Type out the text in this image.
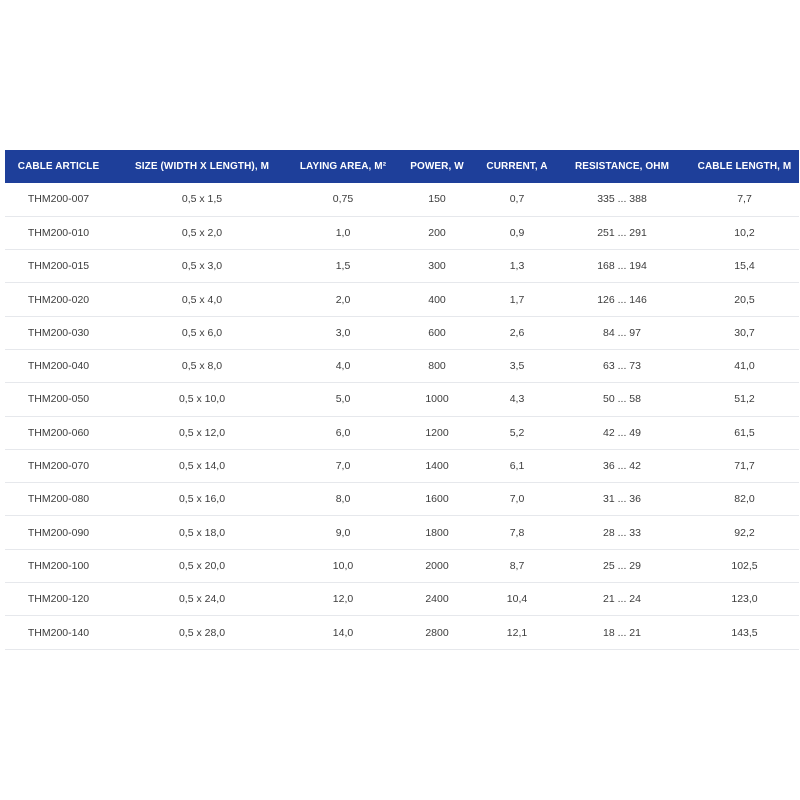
CABLE ARTICLE	SIZE (WIDTH X LENGTH), M	LAYING AREA, M²	POWER, W	CURRENT, A	RESISTANCE, OHM	CABLE LENGTH, M
THM200-007	0,5 x 1,5	0,75	150	0,7	335 ... 388	7,7
THM200-010	0,5 x 2,0	1,0	200	0,9	251 ... 291	10,2
THM200-015	0,5 x 3,0	1,5	300	1,3	168 ... 194	15,4
THM200-020	0,5 x 4,0	2,0	400	1,7	126 ... 146	20,5
THM200-030	0,5 x 6,0	3,0	600	2,6	84 ... 97	30,7
THM200-040	0,5 x 8,0	4,0	800	3,5	63 ... 73	41,0
THM200-050	0,5 x 10,0	5,0	1000	4,3	50 ... 58	51,2
THM200-060	0,5 x 12,0	6,0	1200	5,2	42 ... 49	61,5
THM200-070	0,5 x 14,0	7,0	1400	6,1	36 ... 42	71,7
THM200-080	0,5 x 16,0	8,0	1600	7,0	31 ... 36	82,0
THM200-090	0,5 x 18,0	9,0	1800	7,8	28 ... 33	92,2
THM200-100	0,5 x 20,0	10,0	2000	8,7	25 ... 29	102,5
THM200-120	0,5 x 24,0	12,0	2400	10,4	21 ... 24	123,0
THM200-140	0,5 x 28,0	14,0	2800	12,1	18 ... 21	143,5
